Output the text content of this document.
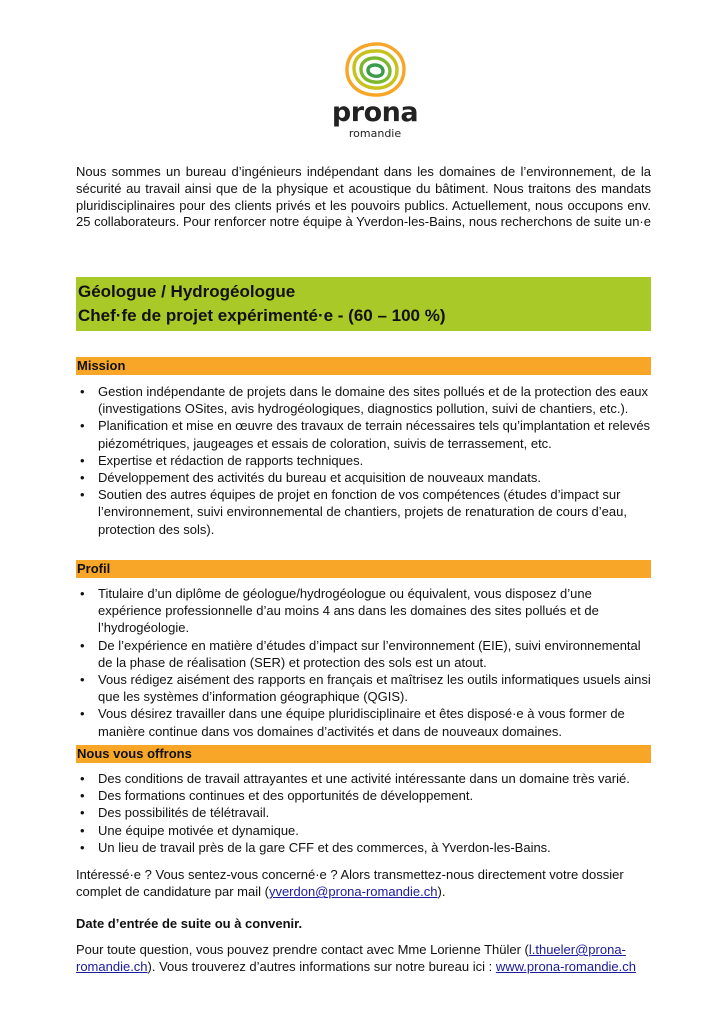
prona
romandie

Nous sommes un bureau d’ingénieurs indépendant dans les domaines de l’environnement, de la sécurité au travail ainsi que de la physique et acoustique du bâtiment. Nous traitons des mandats pluridisciplinaires pour des clients privés et les pouvoirs publics. Actuellement, nous occupons env. 25 collaborateurs. Pour renforcer notre équipe à Yverdon-les-Bains, nous recherchons de suite un·e

Géologue / Hydrogéologue

Chef·fe de projet expérimenté·e - (60 – 100 %)

Mission
• Gestion indépendante de projets dans le domaine des sites pollués et de la protection des eaux (investigations OSites, avis hydrogéologiques, diagnostics pollution, suivi de chantiers, etc.).
• Planification et mise en œuvre des travaux de terrain nécessaires tels qu’implantation et relevés piézométriques, jaugeages et essais de coloration, suivis de terrassement, etc.
• Expertise et rédaction de rapports techniques.
• Développement des activités du bureau et acquisition de nouveaux mandats.
• Soutien des autres équipes de projet en fonction de vos compétences (études d’impact sur l’environnement, suivi environnemental de chantiers, projets de renaturation de cours d’eau, protection des sols).
Profil
• Titulaire d’un diplôme de géologue/hydrogéologue ou équivalent, vous disposez d’une expérience professionnelle d’au moins 4 ans dans les domaines des sites pollués et de l’hydrogéologie.
• De l’expérience en matière d’études d’impact sur l’environnement (EIE), suivi environnemental de la phase de réalisation (SER) et protection des sols est un atout.
• Vous rédigez aisément des rapports en français et maîtrisez les outils informatiques usuels ainsi que les systèmes d’information géographique (QGIS).
• Vous désirez travailler dans une équipe pluridisciplinaire et êtes disposé·e à vous former de manière continue dans vos domaines d’activités et dans de nouveaux domaines.
Nous vous offrons
• Des conditions de travail attrayantes et une activité intéressante dans un domaine très varié.
• Des formations continues et des opportunités de développement.
• Des possibilités de télétravail.
• Une équipe motivée et dynamique.
• Un lieu de travail près de la gare CFF et des commerces, à Yverdon-les-Bains.

Intéressé·e ? Vous sentez-vous concerné·e ? Alors transmettez-nous directement votre dossier complet de candidature par mail (yverdon@prona-romandie.ch).

Date d’entrée de suite ou à convenir.

Pour toute question, vous pouvez prendre contact avec Mme Lorienne Thüler (l.thueler@prona-romandie.ch). Vous trouverez d’autres informations sur notre bureau ici : www.prona-romandie.ch
